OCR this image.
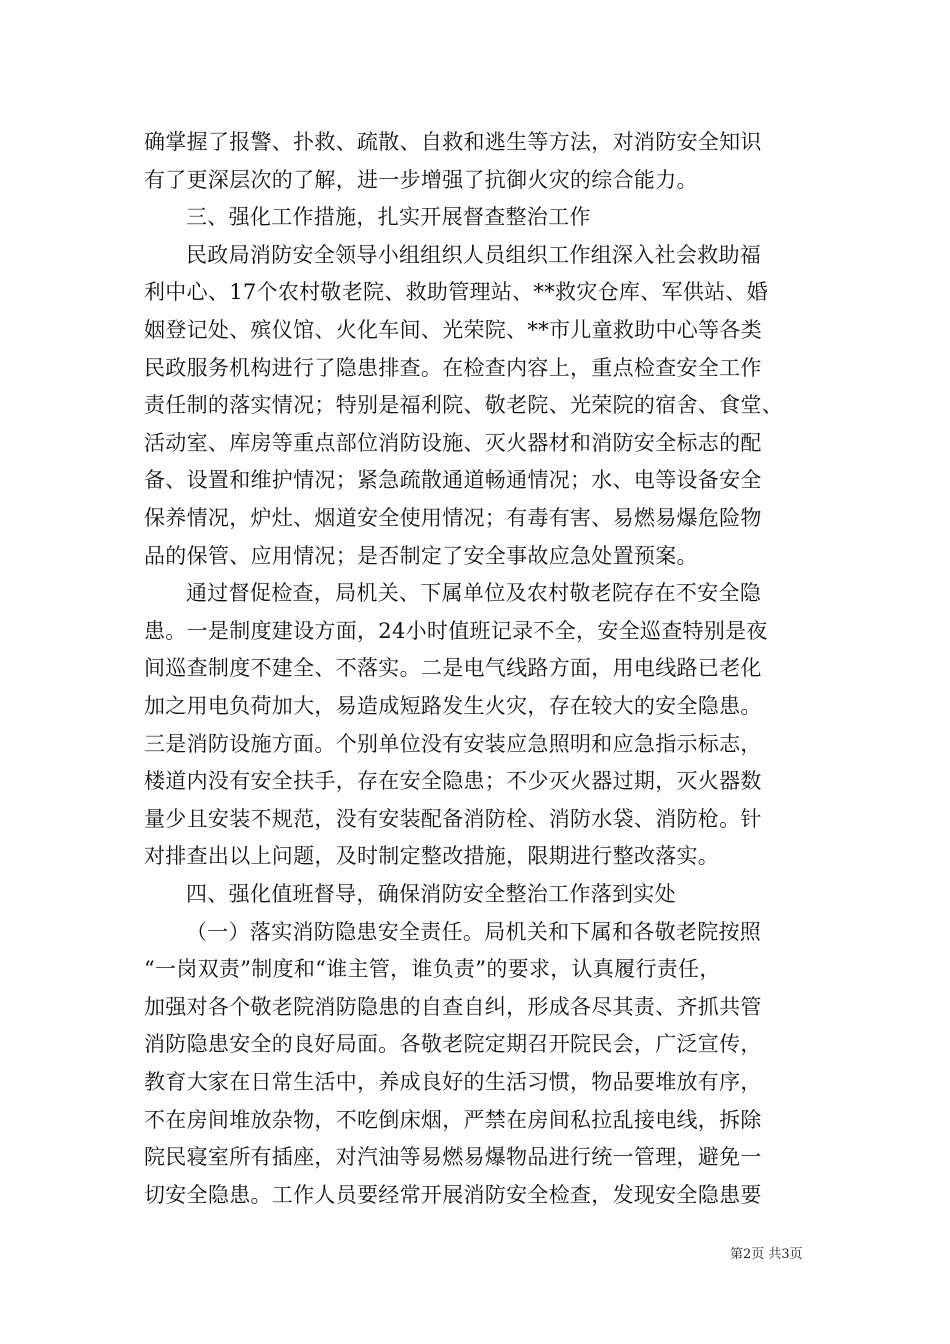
确掌握了报警、扑救、疏散、自救和逃生等方法，对消防安全知识
有了更深层次的了解，进一步增强了抗御火灾的综合能力。
三、强化工作措施，扎实开展督查整治工作
民政局消防安全领导小组组织人员组织工作组深入社会救助福
利中心、17个农村敬老院、救助管理站、**救灾仓库、军供站、婚
姻登记处、殡仪馆、火化车间、光荣院、**市儿童救助中心等各类
民政服务机构进行了隐患排查。在检查内容上，重点检查安全工作
责任制的落实情况；特别是福利院、敬老院、光荣院的宿舍、食堂、
活动室、库房等重点部位消防设施、灭火器材和消防安全标志的配
备、设置和维护情况；紧急疏散通道畅通情况；水、电等设备安全
保养情况，炉灶、烟道安全使用情况；有毒有害、易燃易爆危险物
品的保管、应用情况；是否制定了安全事故应急处置预案。
通过督促检查，局机关、下属单位及农村敬老院存在不安全隐
患。一是制度建设方面，24小时值班记录不全，安全巡查特别是夜
间巡查制度不建全、不落实。二是电气线路方面，用电线路已老化
加之用电负荷加大，易造成短路发生火灾，存在较大的安全隐患。
三是消防设施方面。个别单位没有安装应急照明和应急指示标志，
楼道内没有安全扶手，存在安全隐患；不少灭火器过期，灭火器数
量少且安装不规范，没有安装配备消防栓、消防水袋、消防枪。针
对排查出以上问题，及时制定整改措施，限期进行整改落实。
四、强化值班督导，确保消防安全整治工作落到实处
（一）落实消防隐患安全责任。局机关和下属和各敬老院按照
“一岗双责”制度和“谁主管，谁负责”的要求，认真履行责任，
加强对各个敬老院消防隐患的自查自纠，形成各尽其责、齐抓共管
消防隐患安全的良好局面。各敬老院定期召开院民会，广泛宣传，
教育大家在日常生活中，养成良好的生活习惯，物品要堆放有序，
不在房间堆放杂物，不吃倒床烟，严禁在房间私拉乱接电线，拆除
院民寝室所有插座，对汽油等易燃易爆物品进行统一管理，避免一
切安全隐患。工作人员要经常开展消防安全检查，发现安全隐患要
第2页 共3页
